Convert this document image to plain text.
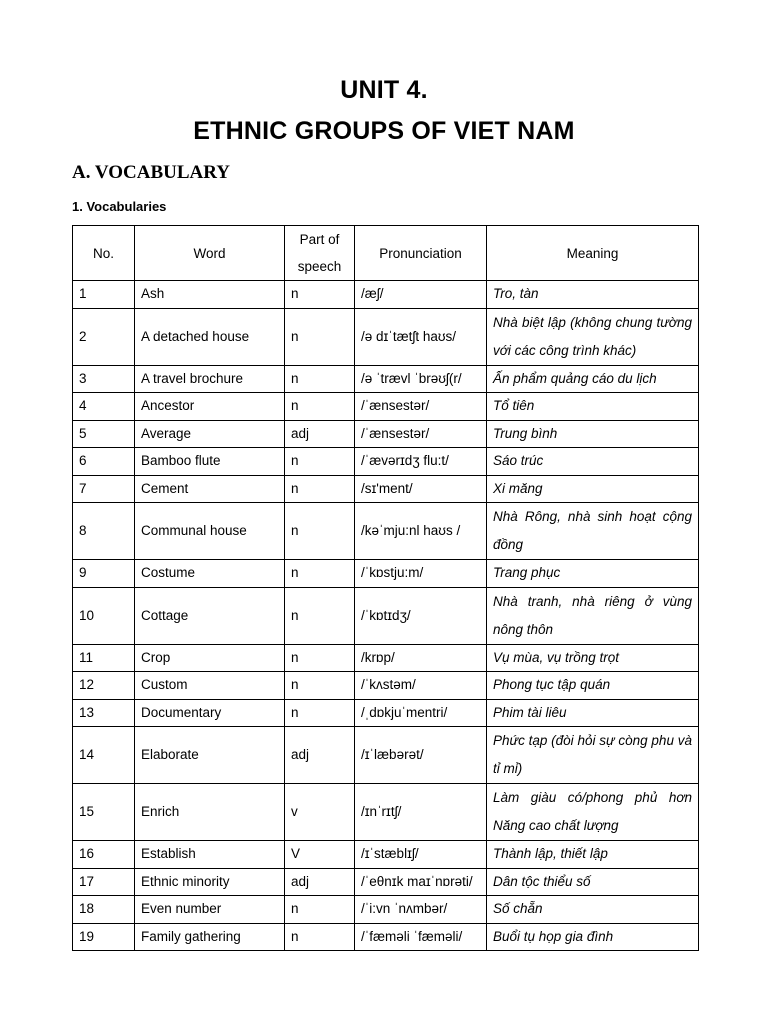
UNIT 4.
ETHNIC GROUPS OF VIET NAM
A. VOCABULARY
1. Vocabularies
No.	Word	Part of speech	Pronunciation	Meaning
1	Ash	n	/æʃ/	Tro, tàn
2	A detached house	n	/ə dɪˈtætʃt haʊs/	Nhà biệt lập (không chung tường với các công trình khác)
3	A travel brochure	n	/ə ˈtrævl ˈbrəʊʃ(r/	Ấn phẩm quảng cáo du lịch
4	Ancestor	n	/ˈænsestər/	Tổ tiên
5	Average	adj	/ˈænsestər/	Trung bình
6	Bamboo flute	n	/ˈævərɪdʒ flu:t/	Sáo trúc
7	Cement	n	/sɪ'ment/	Xi măng
8	Communal house	n	/kəˈmju:nl haʊs /	Nhà Rông, nhà sinh hoạt cộng đồng
9	Costume	n	/ˈkɒstju:m/	Trang phục
10	Cottage	n	/ˈkɒtɪdʒ/	Nhà tranh, nhà riêng ở vùng nông thôn
11	Crop	n	/krɒp/	Vụ mùa, vụ trồng trọt
12	Custom	n	/ˈkʌstəm/	Phong tục tập quán
13	Documentary	n	/ˌdɒkjuˈmentri/	Phim tài liêu
14	Elaborate	adj	/ɪˈlæbərət/	Phức tạp (đòi hỏi sự còng phu và tỉ mỉ)
15	Enrich	v	/ɪnˈrɪtʃ/	Làm giàu có/phong phủ hơn Năng cao chất lượng
16	Establish	V	/ɪˈstæblɪʃ/	Thành lập, thiết lập
17	Ethnic minority	adj	/ˈeθnɪk maɪˈnɒrəti/	Dân tộc thiểu số
18	Even number	n	/ˈi:vn ˈnʌmbər/	Số chẵn
19	Family gathering	n	/ˈfæməli ˈfæməli/	Buổi tụ họp gia đình
